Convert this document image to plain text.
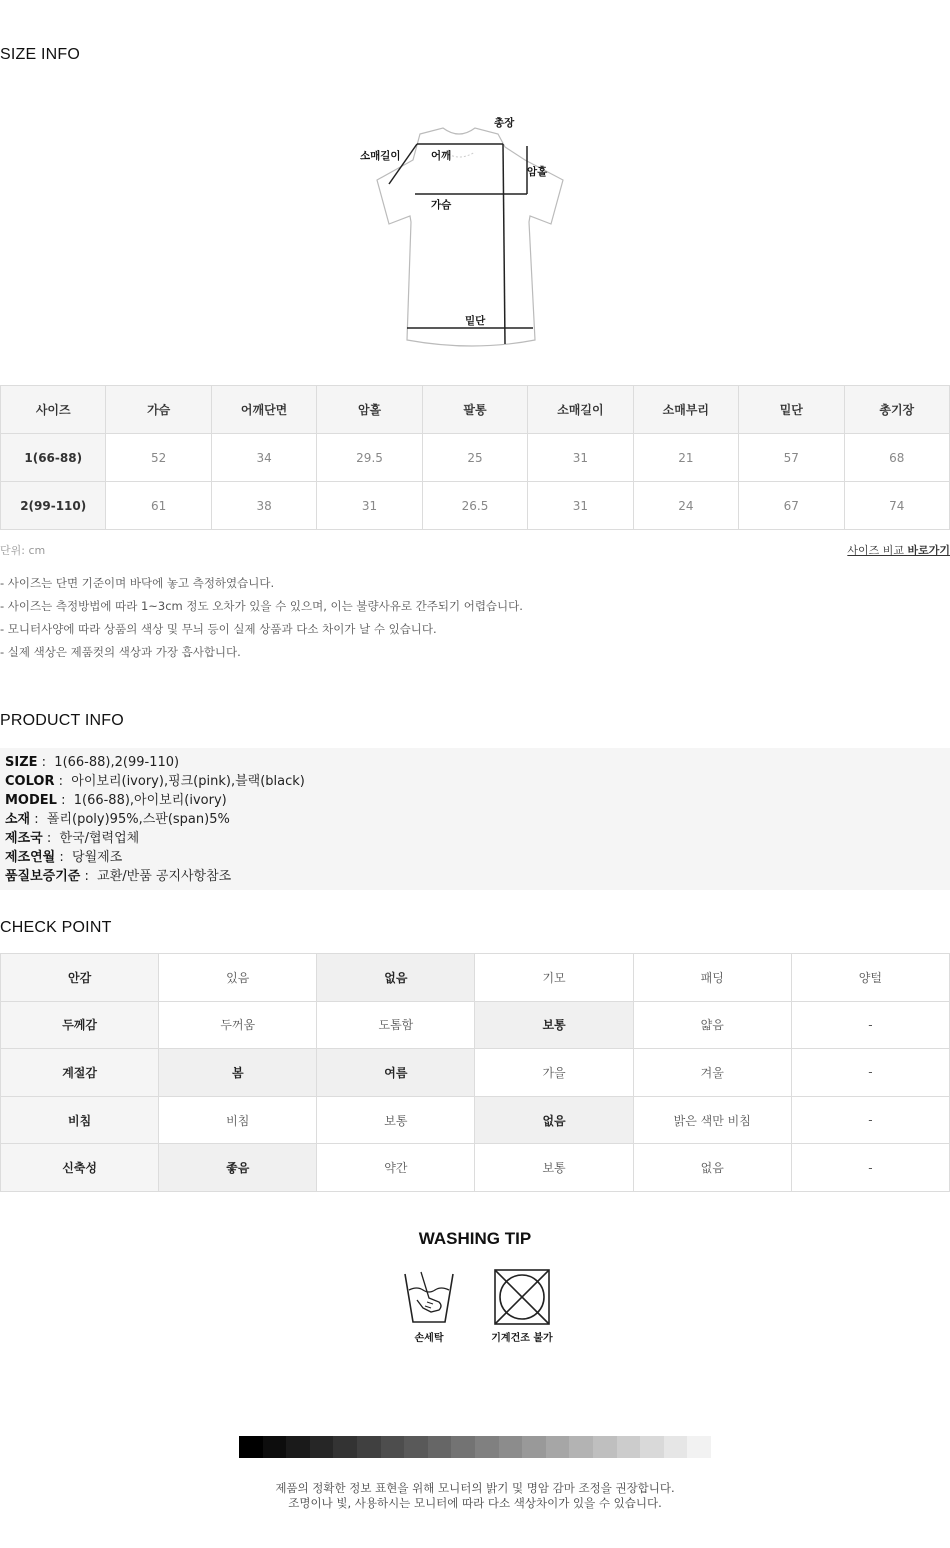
SIZE INFO
총장
소매길이	어깨
암홀
가슴
밑단
사이즈	가슴	어깨단면	암홀	팔통	소매길이	소매부리	밑단	총기장
1(66-88)	52	34	29.5	25	31	21	57	68
2(99-110)	61	38	31	26.5	31	24	67	74
단위: cm	사이즈 비교 바로가기
- 사이즈는 단면 기준이며 바닥에 놓고 측정하였습니다.
- 사이즈는 측정방법에 따라 1~3cm 정도 오차가 있을 수 있으며, 이는 불량사유로 간주되기 어렵습니다.
- 모니터사양에 따라 상품의 색상 및 무늬 등이 실제 상품과 다소 차이가 날 수 있습니다.
- 실제 색상은 제품컷의 색상과 가장 흡사합니다.
PRODUCT INFO
SIZE :  1(66-88),2(99-110)
COLOR :  아이보리(ivory),핑크(pink),블랙(black)
MODEL :  1(66-88),아이보리(ivory)
소재 :  폴리(poly)95%,스판(span)5%
제조국 :  한국/협력업체
제조연월 :  당월제조
품질보증기준 :  교환/반품 공지사항참조
CHECK POINT
안감	있음	없음	기모	패딩	양털
두께감	두꺼움	도톰함	보통	얇음	-
계절감	봄	여름	가을	겨울	-
비침	비침	보통	없음	밝은 색만 비침	-
신축성	좋음	약간	보통	없음	-
WASHING TIP
손세탁	기계건조 불가
제품의 정확한 정보 표현을 위해 모니터의 밝기 및 명암 감마 조정을 권장합니다.
조명이나 빛, 사용하시는 모니터에 따라 다소 색상차이가 있을 수 있습니다.
